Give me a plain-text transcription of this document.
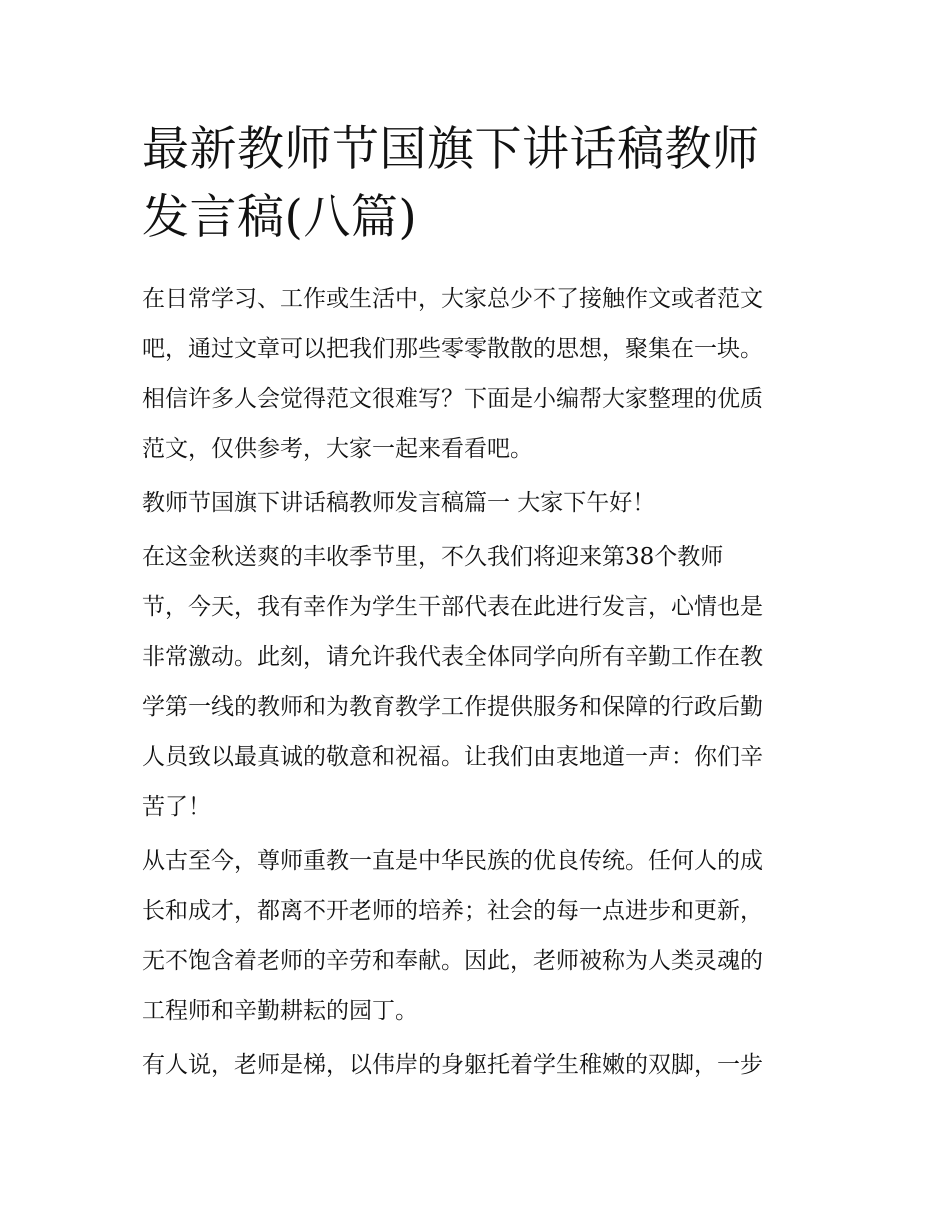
最新教师节国旗下讲话稿教师
发言稿(八篇)

在日常学习、工作或生活中，大家总少不了接触作文或者范文
吧，通过文章可以把我们那些零零散散的思想，聚集在一块。
相信许多人会觉得范文很难写？下面是小编帮大家整理的优质
范文，仅供参考，大家一起来看看吧。

教师节国旗下讲话稿教师发言稿篇一 大家下午好！

在这金秋送爽的丰收季节里，不久我们将迎来第38个教师
节，今天，我有幸作为学生干部代表在此进行发言，心情也是
非常激动。此刻，请允许我代表全体同学向所有辛勤工作在教
学第一线的教师和为教育教学工作提供服务和保障的行政后勤
人员致以最真诚的敬意和祝福。让我们由衷地道一声：你们辛
苦了！

从古至今，尊师重教一直是中华民族的优良传统。任何人的成
长和成才，都离不开老师的培养；社会的每一点进步和更新，
无不饱含着老师的辛劳和奉献。因此，老师被称为人类灵魂的
工程师和辛勤耕耘的园丁。

有人说，老师是梯，以伟岸的身躯托着学生稚嫩的双脚，一步
